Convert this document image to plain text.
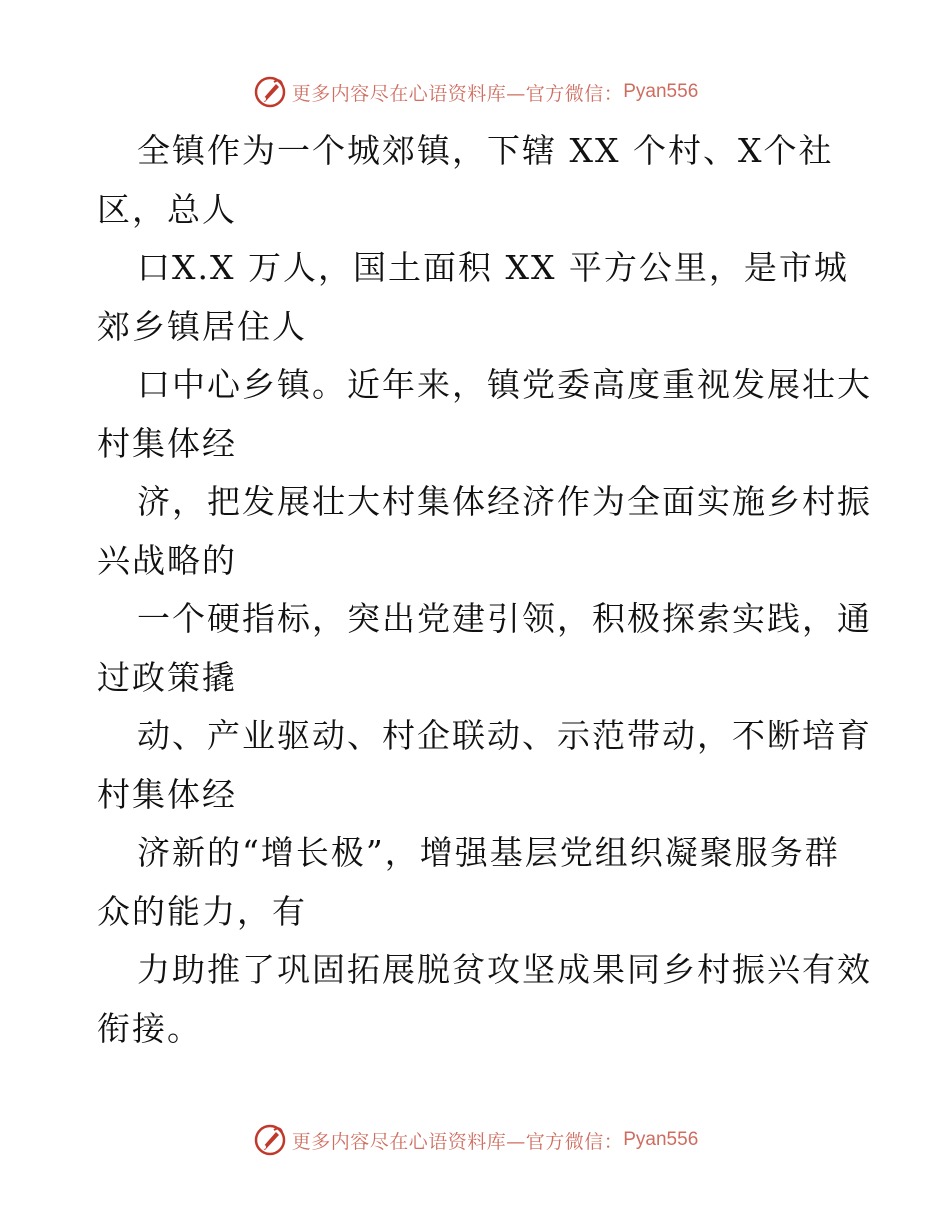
更多内容尽在心语资料库—官方微信： Pyan556
全镇作为一个城郊镇，下辖 XX 个村、X个社
区，总人
口X.X 万人，国土面积 XX 平方公里，是市城
郊乡镇居住人
口中心乡镇。近年来，镇党委高度重视发展壮大
村集体经
济，把发展壮大村集体经济作为全面实施乡村振
兴战略的
一个硬指标，突出党建引领，积极探索实践，通
过政策撬
动、产业驱动、村企联动、示范带动，不断培育
村集体经
济新的“增长极”，增强基层党组织凝聚服务群
众的能力，有
力助推了巩固拓展脱贫攻坚成果同乡村振兴有效
衔接。
更多内容尽在心语资料库—官方微信： Pyan556
